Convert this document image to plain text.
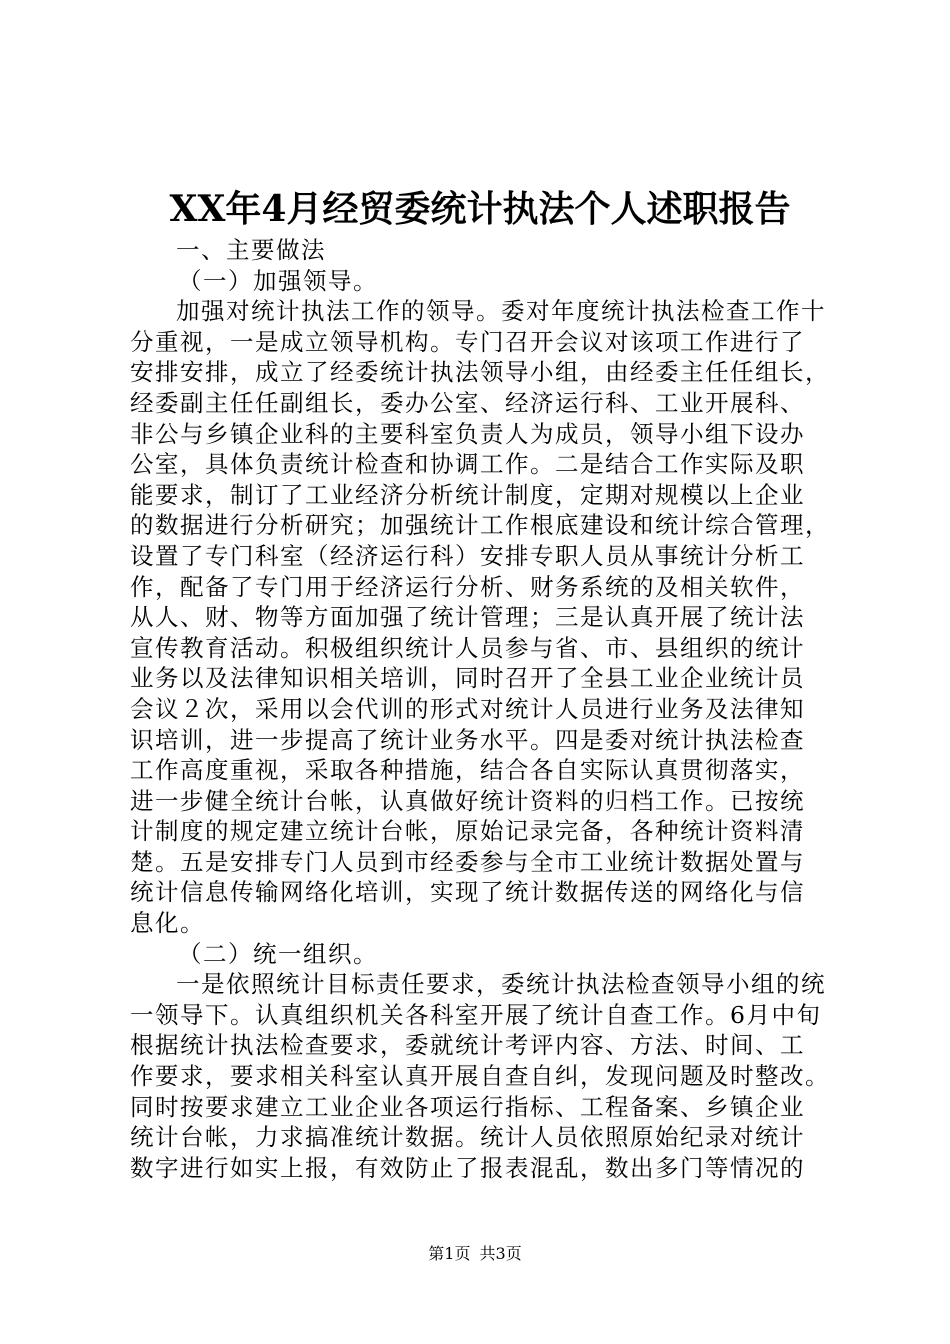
XX年4月经贸委统计执法个人述职报告
一、主要做法
（一）加强领导。
加强对统计执法工作的领导。委对年度统计执法检查工作十
分重视，一是成立领导机构。专门召开会议对该项工作进行了
安排安排，成立了经委统计执法领导小组，由经委主任任组长，
经委副主任任副组长，委办公室、经济运行科、工业开展科、
非公与乡镇企业科的主要科室负责人为成员，领导小组下设办
公室，具体负责统计检查和协调工作。二是结合工作实际及职
能要求，制订了工业经济分析统计制度，定期对规模以上企业
的数据进行分析研究；加强统计工作根底建设和统计综合管理，
设置了专门科室（经济运行科）安排专职人员从事统计分析工
作，配备了专门用于经济运行分析、财务系统的及相关软件，
从人、财、物等方面加强了统计管理；三是认真开展了统计法
宣传教育活动。积极组织统计人员参与省、市、县组织的统计
业务以及法律知识相关培训，同时召开了全县工业企业统计员
会议２次，采用以会代训的形式对统计人员进行业务及法律知
识培训，进一步提高了统计业务水平。四是委对统计执法检查
工作高度重视，采取各种措施，结合各自实际认真贯彻落实，
进一步健全统计台帐，认真做好统计资料的归档工作。已按统
计制度的规定建立统计台帐，原始记录完备，各种统计资料清
楚。五是安排专门人员到市经委参与全市工业统计数据处置与
统计信息传输网络化培训，实现了统计数据传送的网络化与信
息化。
（二）统一组织。
一是依照统计目标责任要求，委统计执法检查领导小组的统
一领导下。认真组织机关各科室开展了统计自查工作。6月中旬
根据统计执法检查要求，委就统计考评内容、方法、时间、工
作要求，要求相关科室认真开展自查自纠，发现问题及时整改。
同时按要求建立工业企业各项运行指标、工程备案、乡镇企业
统计台帐，力求搞准统计数据。统计人员依照原始纪录对统计
数字进行如实上报，有效防止了报表混乱，数出多门等情况的
第1页 共3页
